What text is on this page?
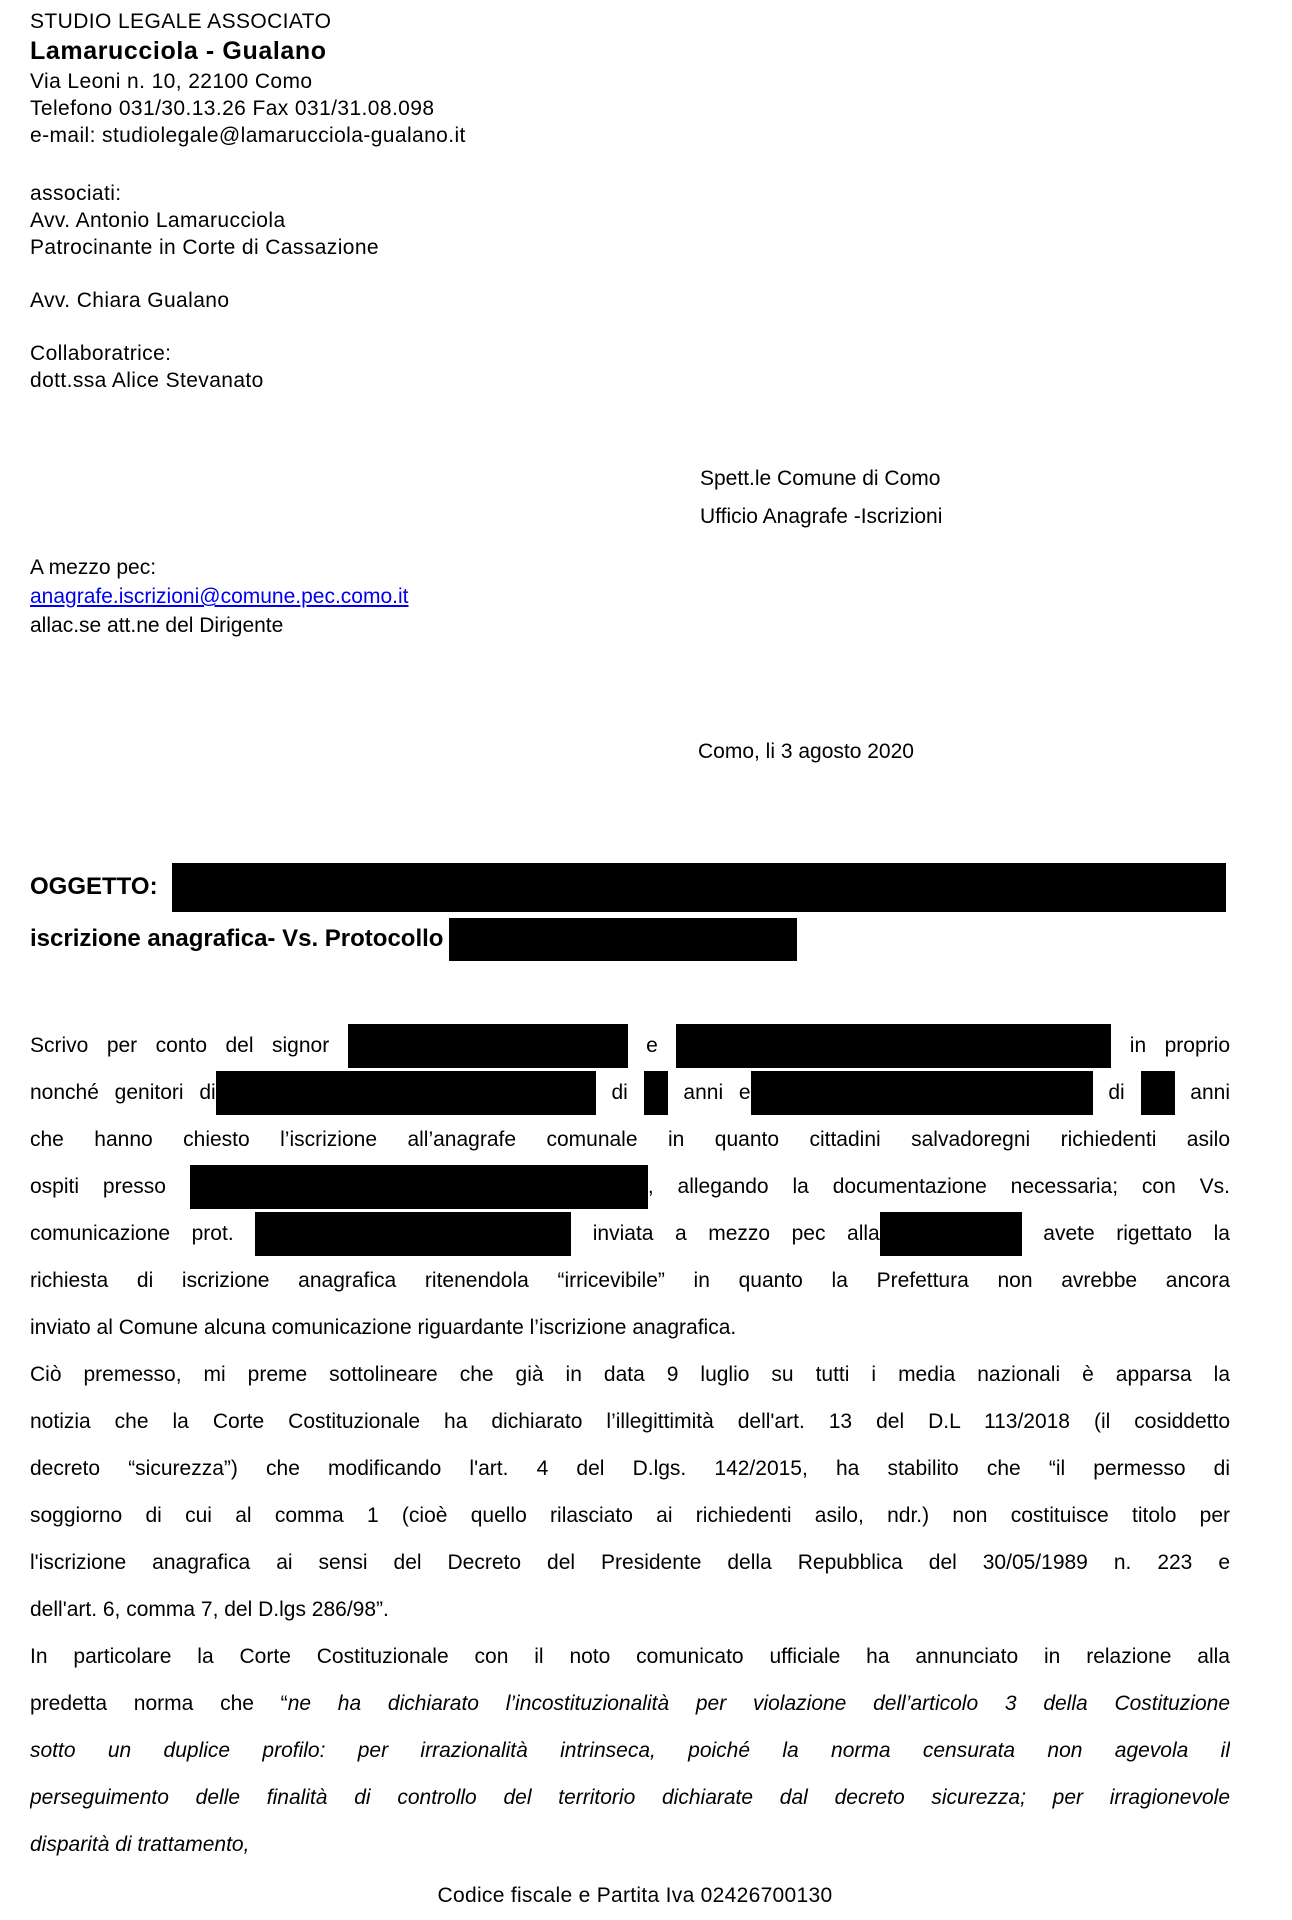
STUDIO LEGALE ASSOCIATO
Lamarucciola - Gualano
Via Leoni n. 10, 22100 Como
Telefono 031/30.13.26 Fax 031/31.08.098
e-mail: studiolegale@lamarucciola-gualano.it
associati:
Avv. Antonio Lamarucciola
Patrocinante in Corte di Cassazione
Avv. Chiara Gualano
Collaboratrice:
dott.ssa Alice Stevanato
Spett.le Comune di Como
Ufficio Anagrafe -Iscrizioni
A mezzo pec:
anagrafe.iscrizioni@comune.pec.como.it
allac.se att.ne del Dirigente
Como, li 3 agosto 2020
OGGETTO:
iscrizione anagrafica- Vs. Protocollo
Scrivo per conto del signor	e	in proprio
nonché genitori di	di  anni e	di  anni
che hanno chiesto l’iscrizione all’anagrafe comunale in quanto cittadini salvadoregni richiedenti asilo
ospiti presso	, allegando la documentazione necessaria; con Vs.
comunicazione prot.	inviata a mezzo pec alla	avete rigettato la
richiesta di iscrizione anagrafica ritenendola “irricevibile” in quanto la Prefettura non avrebbe ancora
inviato al Comune alcuna comunicazione riguardante l’iscrizione anagrafica.
Ciò premesso, mi preme sottolineare che già in data 9 luglio su tutti i media nazionali è apparsa la
notizia che la Corte Costituzionale ha dichiarato l’illegittimità dell'art. 13 del D.L 113/2018 (il cosiddetto
decreto “sicurezza”) che modificando l'art. 4 del D.lgs. 142/2015, ha stabilito che “il permesso di
soggiorno di cui al comma 1 (cioè quello rilasciato ai richiedenti asilo, ndr.) non costituisce titolo per
l'iscrizione anagrafica ai sensi del Decreto del Presidente della Repubblica del 30/05/1989 n. 223 e
dell'art. 6, comma 7, del D.lgs 286/98”.
In particolare la Corte Costituzionale con il noto comunicato ufficiale ha annunciato in relazione alla
predetta norma che “ne ha dichiarato l’incostituzionalità per violazione dell’articolo 3 della Costituzione
sotto un duplice profilo: per irrazionalità intrinseca, poiché la norma censurata non agevola il
perseguimento delle finalità di controllo del territorio dichiarate dal decreto sicurezza; per irragionevole
disparità di trattamento,
Codice fiscale e Partita Iva 02426700130
